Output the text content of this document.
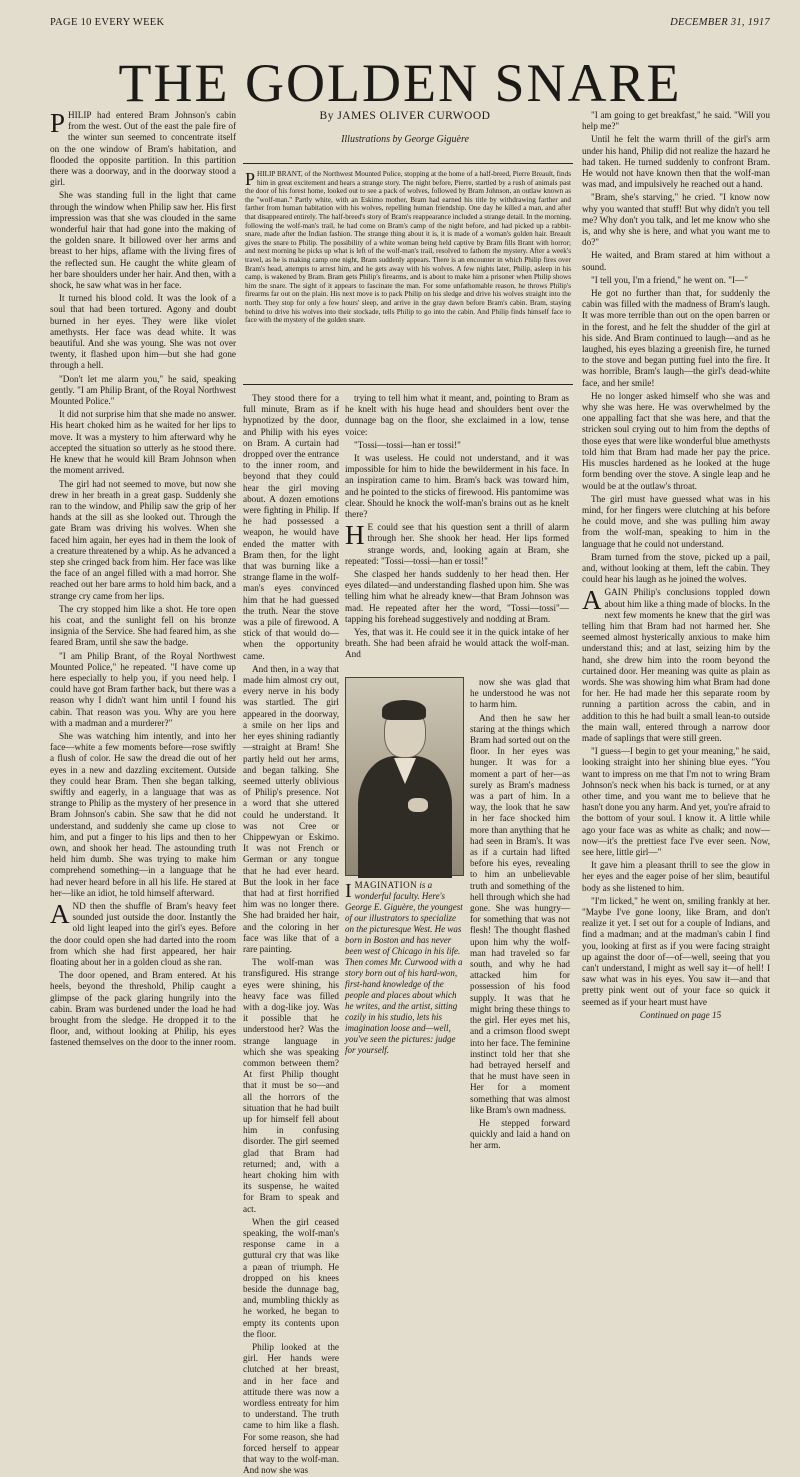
PAGE 10 EVERY WEEK	DECEMBER 31, 1917
THE GOLDEN SNARE
By JAMES OLIVER CURWOOD
Illustrations by George Giguère
PHILIP BRANT, of the Northwest Mounted Police, stopping at the home of a half-breed, Pierre Breault, finds him in great excitement and hears a strange story. The night before, Pierre, startled by a rush of animals past the door of his forest home, looked out to see a pack of wolves, followed by Bram Johnson, an outlaw known as the "wolf-man." Partly white, with an Eskimo mother, Bram had earned his title by withdrawing farther and farther from human habitation with his wolves, repelling human friendship. One day he killed a man, and after that disappeared entirely. The half-breed's story of Bram's reappearance included a strange detail. In the morning, following the wolf-man's trail, he had come on Bram's camp of the night before, and had picked up a rabbit-snare, made after the Indian fashion. The strange thing about it is, it is made of a woman's golden hair. Breault gives the snare to Philip. The possibility of a white woman being held captive by Bram fills Brant with horror; and next morning he picks up what is left of the wolf-man's trail, resolved to fathom the mystery. After a week's travel, as he is making camp one night, Bram suddenly appears. There is an encounter in which Philip fires over Bram's head, attempts to arrest him, and he gets away with his wolves. A few nights later, Philip, asleep in his camp, is wakened by Bram. Bram gets Philip's firearms, and is about to make him a prisoner when Philip shows him the snare. The sight of it appears to fascinate the man. For some unfathomable reason, he throws Philip's firearms far out on the plain. His next move is to pack Philip on his sledge and drive his wolves straight into the north. They stop for only a few hours' sleep, and arrive in the gray dawn before Bram's cabin. Bram, staying behind to drive his wolves into their stockade, tells Philip to go into the cabin. And Philip finds himself face to face with the mystery of the golden snare.

PHILIP had entered Bram Johnson's cabin from the west. Out of the east the pale fire of the winter sun seemed to concentrate itself on the one window of Bram's habitation, and flooded the opposite partition. In this partition there was a doorway, and in the doorway stood a girl.

She was standing full in the light that came through the window when Philip saw her. His first impression was that she was clouded in the same wonderful hair that had gone into the making of the golden snare. It billowed over her arms and breast to her hips, aflame with the living fires of the reflected sun. He caught the white gleam of her bare shoulders under her hair. And then, with a shock, he saw what was in her face.

It turned his blood cold. It was the look of a soul that had been tortured. Agony and doubt burned in her eyes. They were like violet amethysts. Her face was dead white. It was beautiful. And she was young. She was not over twenty, it flashed upon him—but she had gone through a hell.

"Don't let me alarm you," he said, speaking gently. "I am Philip Brant, of the Royal Northwest Mounted Police."

It did not surprise him that she made no answer. His heart choked him as he waited for her lips to move. It was a mystery to him afterward why he accepted the situation so utterly as he stood there. He knew that he would kill Bram Johnson when the moment arrived.

The girl had not seemed to move, but now she drew in her breath in a great gasp. Suddenly she ran to the window, and Philip saw the grip of her hands at the sill as she looked out. Through the gate Bram was driving his wolves. When she faced him again, her eyes had in them the look of a creature threatened by a whip. As he advanced a step she cringed back from him. Her face was like the face of an angel filled with a mad horror. She reached out her bare arms to hold him back, and a strange cry came from her lips.

The cry stopped him like a shot. He tore open his coat, and the sunlight fell on his bronze insignia of the Service. She had feared him, as she feared Bram, until she saw the badge.

"I am Philip Brant, of the Royal Northwest Mounted Police," he repeated. "I have come up here especially to help you, if you need help. I could have got Bram farther back, but there was a reason why I didn't want him until I found his cabin. That reason was you. Why are you here with a madman and a murderer?"

She was watching him intently, and into her face—white a few moments before—rose swiftly a flush of color. He saw the dread die out of her eyes in a new and dazzling excitement. Outside they could hear Bram. Then she began talking, swiftly and eagerly, in a language that was as strange to Philip as the mystery of her presence in Bram Johnson's cabin. She saw that he did not understand, and suddenly she came up close to him, and put a finger to his lips and then to her own, and shook her head. The astounding truth held him dumb. She was trying to make him comprehend something—in a language that he had never heard before in all his life. He stared at her—like an idiot, he told himself afterward.

AND then the shuffle of Bram's heavy feet sounded just outside the door. Instantly the old light leaped into the girl's eyes. Before the door could open she had darted into the room from which she had first appeared, her hair floating about her in a golden cloud as she ran.

The door opened, and Bram entered. At his heels, beyond the threshold, Philip caught a glimpse of the pack glaring hungrily into the cabin. Bram was burdened under the load he had brought from the sledge. He dropped it to the floor, and, without looking at Philip, his eyes fastened themselves on the door to the inner room.

They stood there for a full minute, Bram as if hypnotized by the door, and Philip with his eyes on Bram. A curtain had dropped over the entrance to the inner room, and beyond that they could hear the girl moving about. A dozen emotions were fighting in Philip. If he had possessed a weapon, he would have ended the matter with Bram then, for the light that was burning like a strange flame in the wolf-man's eyes convinced him that he had guessed the truth. Near the stove was a pile of firewood. A stick of that would do—when the opportunity came.

And then, in a way that made him almost cry out, every nerve in his body was startled. The girl appeared in the doorway, a smile on her lips and her eyes shining radiantly—straight at Bram! She partly held out her arms, and began talking. She seemed utterly oblivious of Philip's presence. Not a word that she uttered could he understand. It was not Cree or Chippewyan or Eskimo. It was not French or German or any tongue that he had ever heard. But the look in her face that had at first horrified him was no longer there. She had braided her hair, and the coloring in her face was like that of a rare painting.

The wolf-man was transfigured. His strange eyes were shining, his heavy face was filled with a dog-like joy. Was it possible that he understood her? Was the strange language in which she was speaking common between them? At first Philip thought that it must be so—and all the horrors of the situation that he had built up for himself fell about him in confusing disorder. The girl seemed glad that Bram had returned; and, with a heart choking him with its suspense, he waited for Bram to speak and act.

When the girl ceased speaking, the wolf-man's response came in a guttural cry that was like a pæan of triumph. He dropped on his knees beside the dunnage bag, and, mumbling thickly as he worked, he began to empty its contents upon the floor.

Philip looked at the girl. Her hands were clutched at her breast, and in her face and attitude there was now a wordless entreaty for him to understand. The truth came to him like a flash. For some reason, she had forced herself to appear that way to the wolf-man. And now she was

trying to tell him what it meant, and, pointing to Bram as he knelt with his huge head and shoulders bent over the dunnage bag on the floor, she exclaimed in a low, tense voice:

"Tossi—tossi—han er tossi!"

It was useless. He could not understand, and it was impossible for him to hide the bewilderment in his face. In an inspiration came to him. Bram's back was toward him, and he pointed to the sticks of firewood. His pantomime was clear. Should he knock the wolf-man's brains out as he knelt there?

H E could see that his question sent a thrill of alarm through her. She shook her head. Her lips formed strange words, and, looking again at Bram, she repeated: "Tossi—tossi—han er tossi!"

She clasped her hands suddenly to her head then. Her eyes dilated—and understanding flashed upon him. She was telling him what he already knew—that Bram Johnson was mad. He repeated after her the word, "Tossi—tossi"—tapping his forehead suggestively and nodding at Bram.

Yes, that was it. He could see it in the quick intake of her breath. She had been afraid he would attack the wolf-man. And

now she was glad that he understood he was not to harm him.

And then he saw her staring at the things which Bram had sorted out on the floor. In her eyes was hunger. It was for a moment a part of her—as surely as Bram's madness was a part of him. In a way, the look that he saw in her face shocked him more than anything that he had seen in Bram's. It was as if a curtain had lifted before his eyes, revealing to him an unbelievable truth and something of the hell through which she had gone. She was hungry—for something that was not flesh! The thought flashed upon him why the wolf-man had traveled so far south, and why he had attacked him for possession of his food supply. It was that he might bring these things to the girl. Her eyes met his, and a crimson flood swept into her face. The feminine instinct told her that she had betrayed herself and that he must have seen in Her for a moment something that was almost like Bram's own madness.

He stepped forward quickly and laid a hand on her arm.

"I am going to get breakfast," he said. "Will you help me?"

Until he felt the warm thrill of the girl's arm under his hand, Philip did not realize the hazard he had taken. He turned suddenly to confront Bram. He would not have known then that the wolf-man was mad, and impulsively he reached out a hand.

"Bram, she's starving," he cried. "I know now why you wanted that stuff! But why didn't you tell me? Why don't you talk, and let me know who she is, and why she is here, and what you want me to do?"

He waited, and Bram stared at him without a sound.

"I tell you, I'm a friend," he went on. "I—"

He got no further than that, for suddenly the cabin was filled with the madness of Bram's laugh. It was more terrible than out on the open barren or in the forest, and he felt the shudder of the girl at his side. And Bram continued to laugh—and as he laughed, his eyes blazing a greenish fire, he turned to the stove and began putting fuel into the fire. It was horrible, Bram's laugh—the girl's dead-white face, and her smile!

He no longer asked himself who she was and why she was here. He was overwhelmed by the one appalling fact that she was here, and that the stricken soul crying out to him from the depths of those eyes that were like wonderful blue amethysts told him that Bram had made her pay the price. His muscles hardened as he looked at the huge form bending over the stove. A single leap and he would be at the outlaw's throat.

The girl must have guessed what was in his mind, for her fingers were clutching at his before he could move, and she was pulling him away from the wolf-man, speaking to him in the language that he could not understand.

Bram turned from the stove, picked up a pail, and, without looking at them, left the cabin. They could hear his laugh as he joined the wolves.

AGAIN Philip's conclusions toppled down about him like a thing made of blocks. In the next few moments he knew that the girl was telling him that Bram had not harmed her. She seemed almost hysterically anxious to make him understand this; and at last, seizing him by the hand, she drew him into the room beyond the curtained door. Her meaning was quite as plain as words. She was showing him what Bram had done for her. He had made her this separate room by running a partition across the cabin, and in addition to this he had built a small lean-to outside the main wall, entered through a narrow door made of saplings that were still green.

"I guess—I begin to get your meaning," he said, looking straight into her shining blue eyes. "You want to impress on me that I'm not to wring Bram Johnson's neck when his back is turned, or at any other time, and you want me to believe that he hasn't done you any harm. And yet, you're afraid to the bottom of your soul. I know it. A little while ago your face was as white as chalk; and now—now—it's the prettiest face I've ever seen. Now, see here, little girl—"

It gave him a pleasant thrill to see the glow in her eyes and the eager poise of her slim, beautiful body as she listened to him.

"I'm licked," he went on, smiling frankly at her. "Maybe I've gone loony, like Bram, and don't realize it yet. I set out for a couple of Indians, and find a madman; and at the madman's cabin I find you, looking at first as if you were facing straight up against the door of—of—well, seeing that you can't understand, I might as well say it—of hell! I saw what was in his eyes. You saw it—and that pretty pink went out of your face so quick it seemed as if your heart must have

Continued on page 15

IMAGINATION is a wonderful faculty. Here's George E. Giguère, the youngest of our illustrators to specialize on the picturesque West. He was born in Boston and has never been west of Chicago in his life. Then comes Mr. Curwood with a story born out of his hard-won, first-hand knowledge of the people and places about which he writes, and the artist, sitting cozily in his studio, lets his imagination loose and—well, you've seen the pictures: judge for yourself.
